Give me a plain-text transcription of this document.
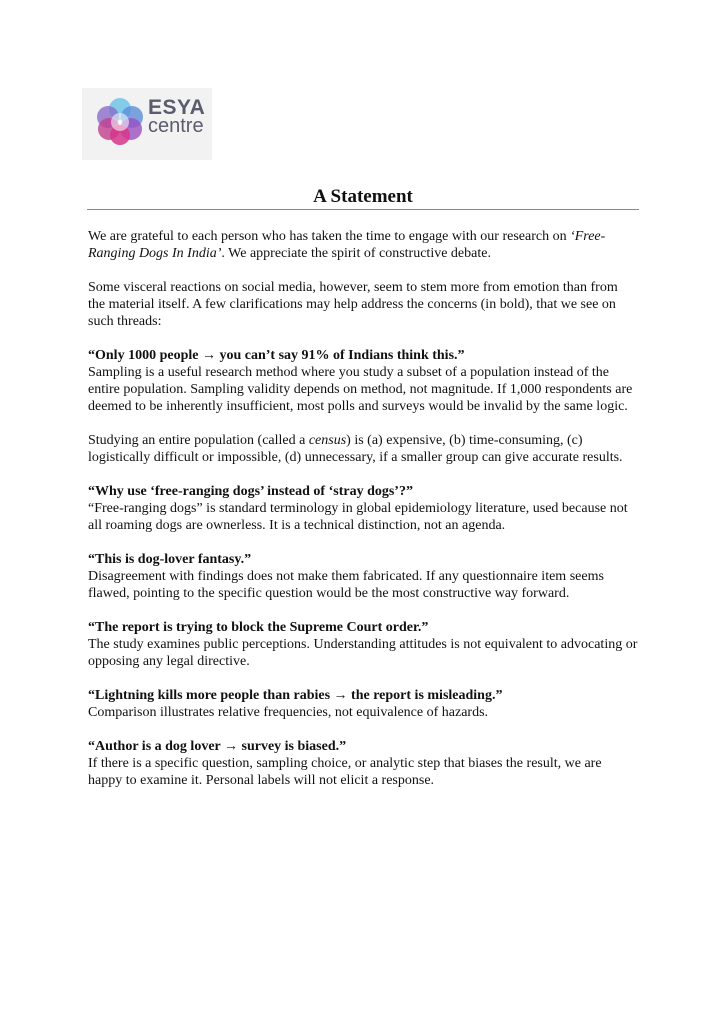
ESYA
centre
A Statement

We are grateful to each person who has taken the time to engage with our research on ‘Free-Ranging Dogs In India’. We appreciate the spirit of constructive debate.

Some visceral reactions on social media, however, seem to stem more from emotion than from the material itself. A few clarifications may help address the concerns (in bold), that we see on such threads:

“Only 1000 people → you can’t say 91% of Indians think this.”
Sampling is a useful research method where you study a subset of a population instead of the entire population. Sampling validity depends on method, not magnitude. If 1,000 respondents are deemed to be inherently insufficient, most polls and surveys would be invalid by the same logic.

Studying an entire population (called a census) is (a) expensive, (b) time-consuming, (c) logistically difficult or impossible, (d) unnecessary, if a smaller group can give accurate results.

“Why use ‘free-ranging dogs’ instead of ‘stray dogs’?”
“Free-ranging dogs” is standard terminology in global epidemiology literature, used because not all roaming dogs are ownerless. It is a technical distinction, not an agenda.

“This is dog-lover fantasy.”
Disagreement with findings does not make them fabricated. If any questionnaire item seems flawed, pointing to the specific question would be the most constructive way forward.

“The report is trying to block the Supreme Court order.”
The study examines public perceptions. Understanding attitudes is not equivalent to advocating or opposing any legal directive.

“Lightning kills more people than rabies → the report is misleading.”
Comparison illustrates relative frequencies, not equivalence of hazards.

“Author is a dog lover → survey is biased.”
If there is a specific question, sampling choice, or analytic step that biases the result, we are happy to examine it. Personal labels will not elicit a response.
